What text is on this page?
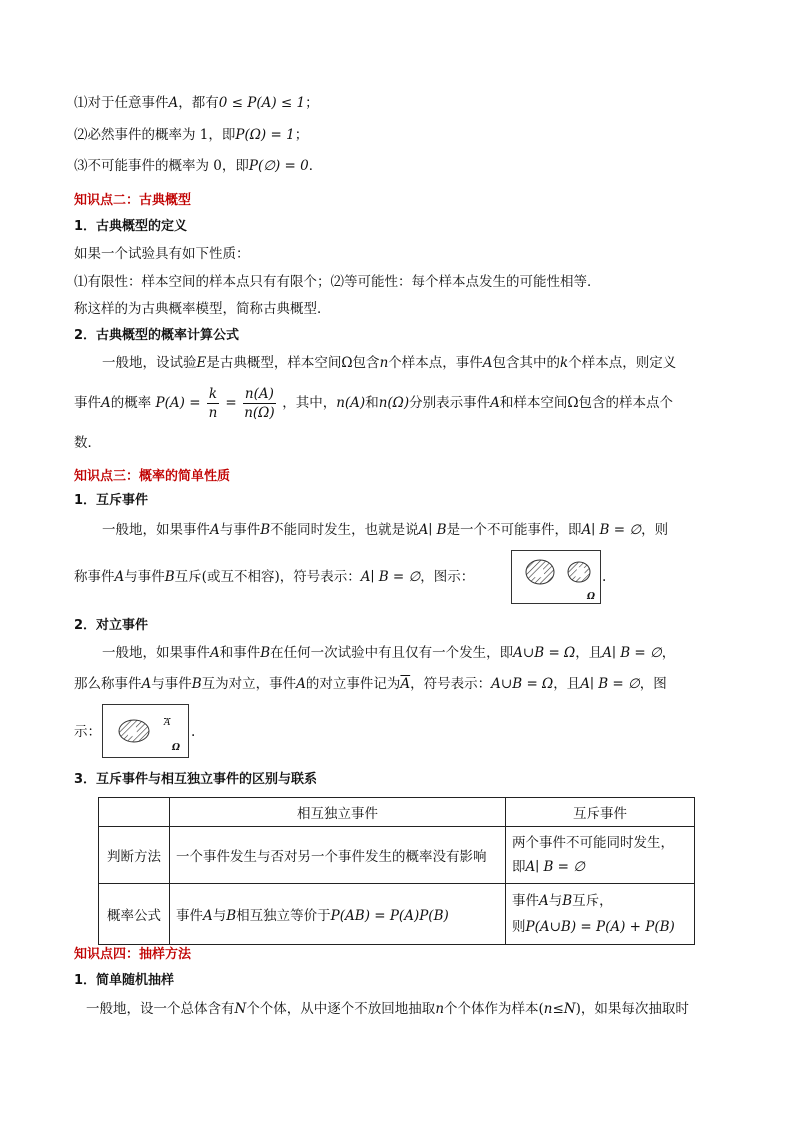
⑴对于任意事件A，都有0 ≤ P(A) ≤ 1；
⑵必然事件的概率为 1，即P(Ω) = 1；
⑶不可能事件的概率为 0，即P(∅) = 0．
知识点二：古典概型
1．古典概型的定义
如果一个试验具有如下性质：
⑴有限性：样本空间的样本点只有有限个；⑵等可能性：每个样本点发生的可能性相等．
称这样的为古典概率模型，简称古典概型．
2．古典概型的概率计算公式
一般地，设试验E是古典概型，样本空间Ω包含n个样本点，事件A包含其中的k个样本点，则定义
事件A的概率 $P(A) = \frac{k}{n} = \frac{n(A)}{n(\Omega)}$ ，其中，n(A)和n(Ω)分别表示事件A和样本空间Ω包含的样本点个
数．
知识点三：概率的简单性质
1．互斥事件
一般地，如果事件A与事件B不能同时发生，也就是说A∣ B是一个不可能事件，即A∣ B = ∅，则
称事件A与事件B互斥(或互不相容)，符号表示：A∣ B = ∅，图示：	A	B
Ω
.
2．对立事件
一般地，如果事件A和事件B在任何一次试验中有且仅有一个发生，即A∪B = Ω，且A∣ B = ∅，
那么称事件A与事件B互为对立，事件A的对立事件记为$\overline{A}$，符号表示：A∪B = Ω，且A∣ B = ∅，图
示：	A
A
Ω
.
3．互斥事件与相互独立事件的区别与联系
	相互独立事件	互斥事件
判断方法	一个事件发生与否对另一个事件发生的概率没有影响	两个事件不可能同时发生，
即A∣ B = ∅
概率公式	事件A与B相互独立等价于P(AB) = P(A)P(B)	事件A与B互斥，
则P(A∪B) = P(A) + P(B)
知识点四：抽样方法
1．简单随机抽样
一般地，设一个总体含有N个个体，从中逐个不放回地抽取n个个体作为样本(n≤N)，如果每次抽取时
